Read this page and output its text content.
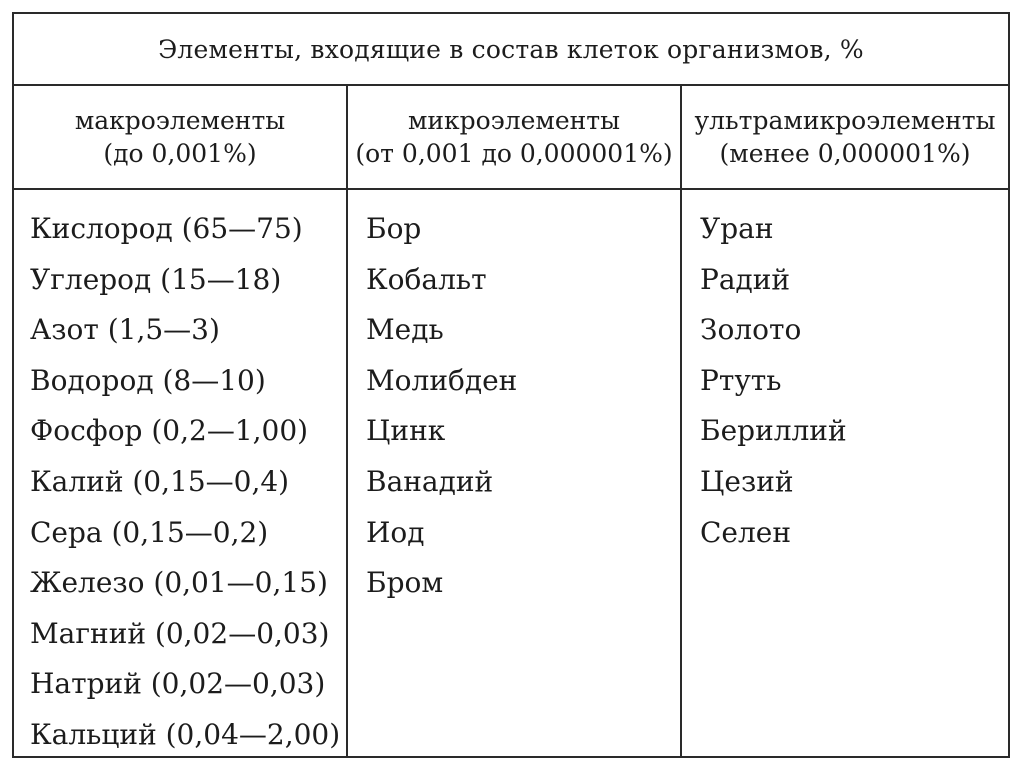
Элементы, входящие в состав клеток организмов, %
макроэлементы
(до 0,001%)
Кислород (65—75)
Углерод (15—18)
Азот (1,5—3)
Водород (8—10)
Фосфор (0,2—1,00)
Калий (0,15—0,4)
Сера (0,15—0,2)
Железо (0,01—0,15)
Магний (0,02—0,03)
Натрий (0,02—0,03)
Кальций (0,04—2,00)
микроэлементы
(от 0,001 до 0,000001%)
Бор
Кобальт
Медь
Молибден
Цинк
Ванадий
Иод
Бром
ультрамикроэлементы
(менее 0,000001%)
Уран
Радий
Золото
Ртуть
Бериллий
Цезий
Селен
